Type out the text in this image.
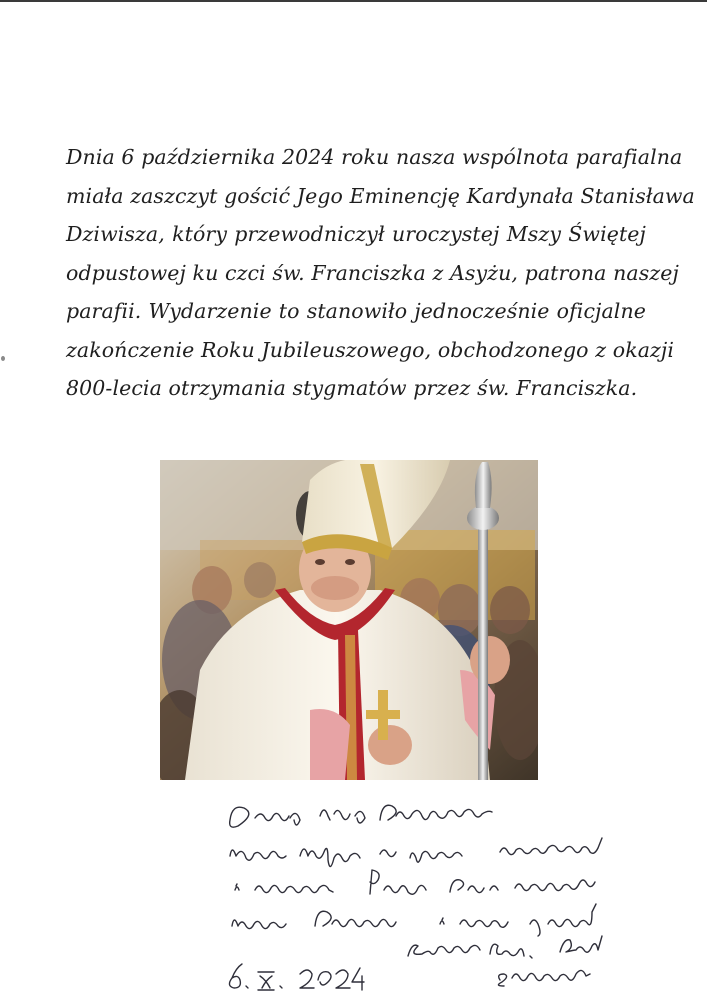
Dnia 6 października 2024 roku nasza wspólnota parafialna
miała zaszczyt gościć Jego Eminencję Kardynała Stanisława
Dziwisza, który przewodniczył uroczystej Mszy Świętej
odpustowej ku czci św. Franciszka z Asyżu, patrona naszej
parafii. Wydarzenie to stanowiło jednocześnie oficjalne
zakończenie Roku Jubileuszowego, obchodzonego z okazji
800-lecia otrzymania stygmatów przez św. Franciszka.
Drogi księże Proboszczu
